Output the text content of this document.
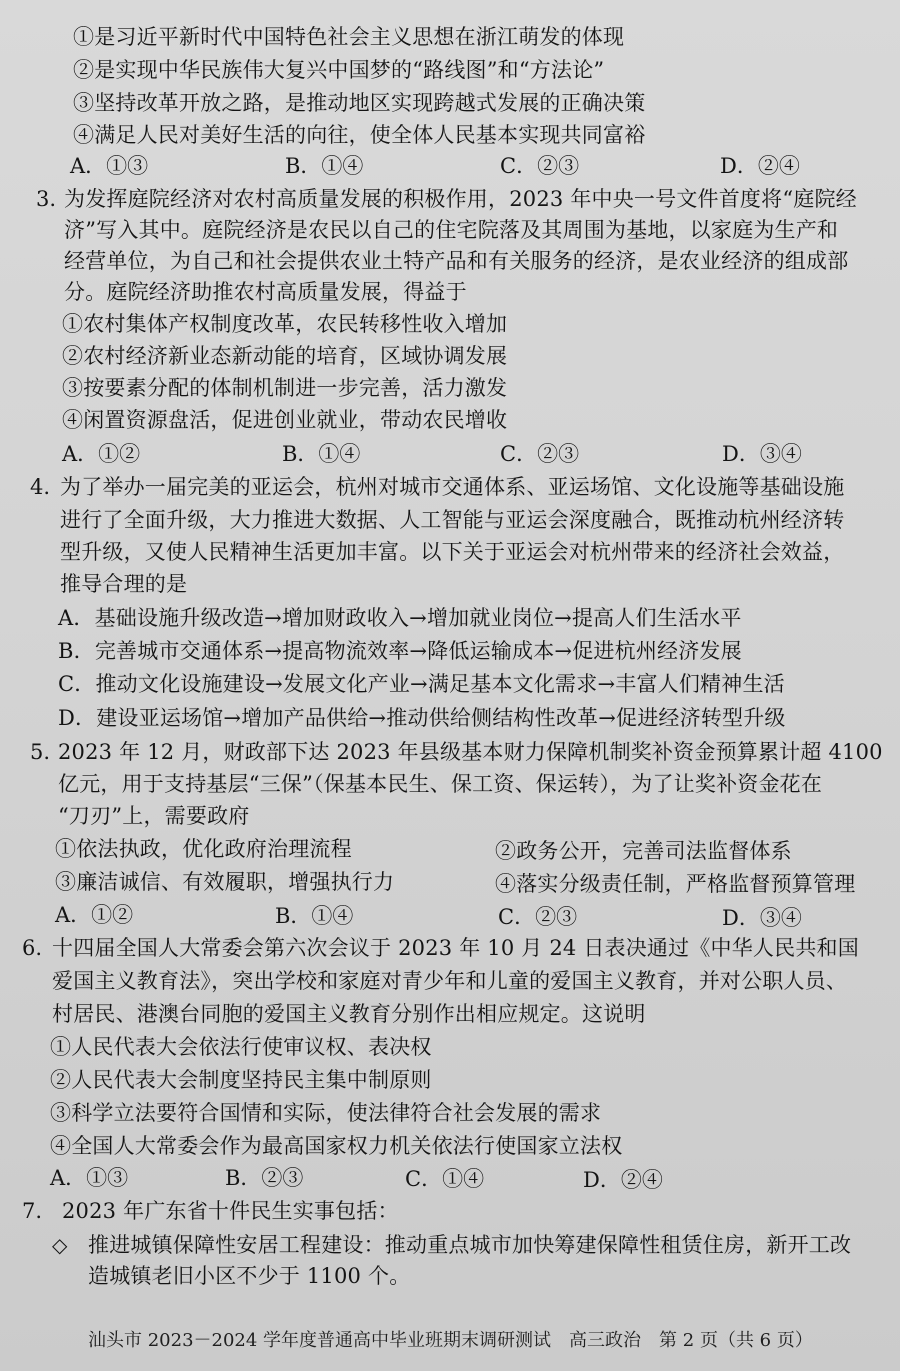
①是习近平新时代中国特色社会主义思想在浙江萌发的体现
②是实现中华民族伟大复兴中国梦的“路线图”和“方法论”
③坚持改革开放之路，是推动地区实现跨越式发展的正确决策
④满足人民对美好生活的向往，使全体人民基本实现共同富裕
A．①③	B．①④	C．②③	D．②④
3. 为发挥庭院经济对农村高质量发展的积极作用，2023 年中央一号文件首度将“庭院经
济”写入其中。庭院经济是农民以自己的住宅院落及其周围为基地，以家庭为生产和
经营单位，为自己和社会提供农业土特产品和有关服务的经济，是农业经济的组成部
分。庭院经济助推农村高质量发展，得益于
①农村集体产权制度改革，农民转移性收入增加
②农村经济新业态新动能的培育，区域协调发展
③按要素分配的体制机制进一步完善，活力激发
④闲置资源盘活，促进创业就业，带动农民增收
A．①②	B．①④	C．②③	D．③④
4. 为了举办一届完美的亚运会，杭州对城市交通体系、亚运场馆、文化设施等基础设施
进行了全面升级，大力推进大数据、人工智能与亚运会深度融合，既推动杭州经济转
型升级，又使人民精神生活更加丰富。以下关于亚运会对杭州带来的经济社会效益，
推导合理的是
A．基础设施升级改造→增加财政收入→增加就业岗位→提高人们生活水平
B．完善城市交通体系→提高物流效率→降低运输成本→促进杭州经济发展
C．推动文化设施建设→发展文化产业→满足基本文化需求→丰富人们精神生活
D．建设亚运场馆→增加产品供给→推动供给侧结构性改革→促进经济转型升级
5. 2023 年 12 月，财政部下达 2023 年县级基本财力保障机制奖补资金预算累计超 4100
亿元，用于支持基层“三保”（保基本民生、保工资、保运转），为了让奖补资金花在
“刀刃”上，需要政府
①依法执政，优化政府治理流程	②政务公开，完善司法监督体系
③廉洁诚信、有效履职，增强执行力	④落实分级责任制，严格监督预算管理
A．①②	B．①④	C．②③	D．③④
6. 十四届全国人大常委会第六次会议于 2023 年 10 月 24 日表决通过《中华人民共和国
爱国主义教育法》，突出学校和家庭对青少年和儿童的爱国主义教育，并对公职人员、
村居民、港澳台同胞的爱国主义教育分别作出相应规定。这说明
①人民代表大会依法行使审议权、表决权
②人民代表大会制度坚持民主集中制原则
③科学立法要符合国情和实际，使法律符合社会发展的需求
④全国人大常委会作为最高国家权力机关依法行使国家立法权
A．①③	B．②③	C．①④	D．②④
7. 2023 年广东省十件民生实事包括：
◇ 推进城镇保障性安居工程建设：推动重点城市加快筹建保障性租赁住房，新开工改
造城镇老旧小区不少于 1100 个。
汕头市 2023－2024 学年度普通高中毕业班期末调研测试　高三政治　第 2 页（共 6 页）
